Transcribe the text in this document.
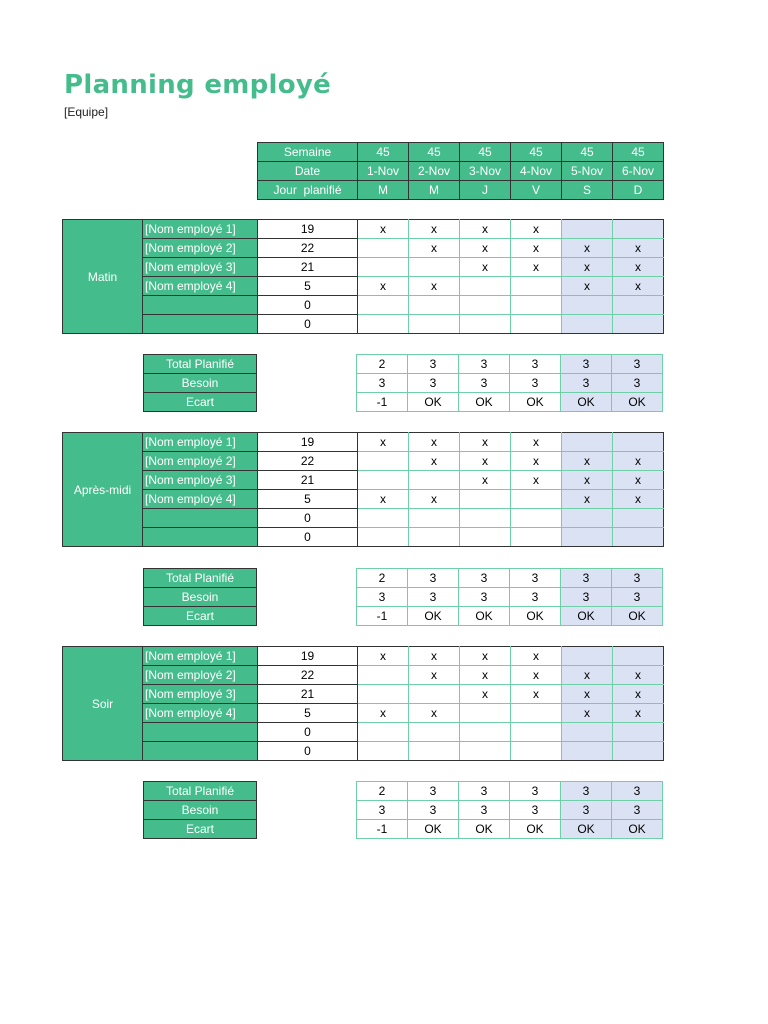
Planning employé
[Equipe]
Semaine	45	45	45	45	45	45
Date	1-Nov	2-Nov	3-Nov	4-Nov	5-Nov	6-Nov
Jour  planifié	M	M	J	V	S	D
Matin	[Nom employé 1]	19	x	x	x	x		
	[Nom employé 2]	22		x	x	x	x	x
	[Nom employé 3]	21			x	x	x	x
	[Nom employé 4]	5	x	x			x	x
		0						
		0						
Total Planifié		2	3	3	3	3	3
Besoin		3	3	3	3	3	3
Ecart		-1	OK	OK	OK	OK	OK
Après-midi	[Nom employé 1]	19	x	x	x	x		
	[Nom employé 2]	22		x	x	x	x	x
	[Nom employé 3]	21			x	x	x	x
	[Nom employé 4]	5	x	x			x	x
		0						
		0						
Total Planifié		2	3	3	3	3	3
Besoin		3	3	3	3	3	3
Ecart		-1	OK	OK	OK	OK	OK
Soir	[Nom employé 1]	19	x	x	x	x		
	[Nom employé 2]	22		x	x	x	x	x
	[Nom employé 3]	21			x	x	x	x
	[Nom employé 4]	5	x	x			x	x
		0						
		0						
Total Planifié		2	3	3	3	3	3
Besoin		3	3	3	3	3	3
Ecart		-1	OK	OK	OK	OK	OK
